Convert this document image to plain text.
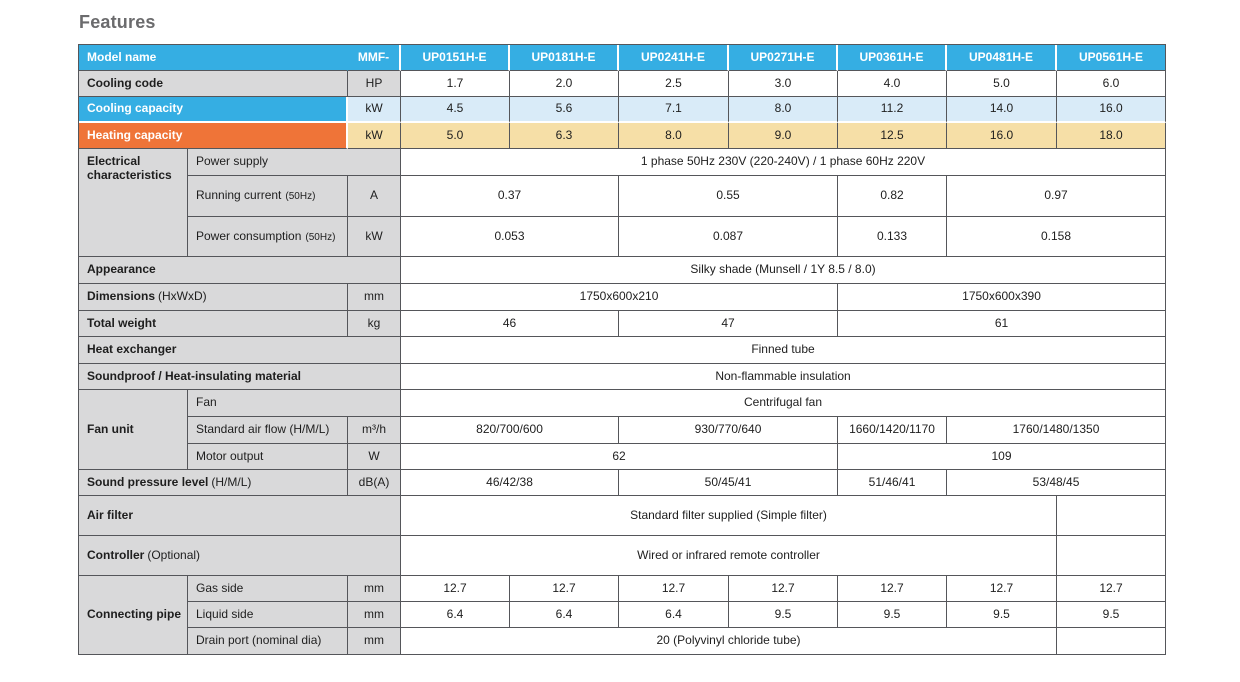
Features
Model name		MMF-	UP0151H-E	UP0181H-E	UP0241H-E	UP0271H-E	UP0361H-E	UP0481H-E	UP0561H-E
Cooling code		HP	1.7	2.0	2.5	3.0	4.0	5.0	6.0
Cooling capacity		kW	4.5	5.6	7.1	8.0	11.2	14.0	16.0
Heating capacity		kW	5.0	6.3	8.0	9.0	12.5	16.0	18.0
Electrical characteristics	Power supply		1 phase 50Hz 230V (220-240V) / 1 phase 60Hz 220V						
	Running current (50Hz)	A	0.37		0.55		0.82	0.97	
	Power consumption (50Hz)	kW	0.053		0.087		0.133	0.158	
Appearance			Silky shade (Munsell / 1Y 8.5 / 8.0)						
Dimensions (HxWxD)		mm	1750x600x210				1750x600x390		
Total weight		kg	46		47		61		
Heat exchanger			Finned tube						
Soundproof / Heat-insulating material			Non-flammable insulation						
Fan unit	Fan		Centrifugal fan						
	Standard air flow (H/M/L)	m³/h	820/700/600		930/770/640		1660/1420/1170	1760/1480/1350	
	Motor output	W	62				109		
Sound pressure level (H/M/L)		dB(A)	46/42/38		50/45/41		51/46/41	53/48/45	
Air filter			Standard filter supplied (Simple filter)						
Controller (Optional)			Wired or infrared remote controller						
Connecting pipe	Gas side	mm	12.7	12.7	12.7	12.7	12.7	12.7	12.7
	Liquid side	mm	6.4	6.4	6.4	9.5	9.5	9.5	9.5
	Drain port (nominal dia)	mm	20 (Polyvinyl chloride tube)						
